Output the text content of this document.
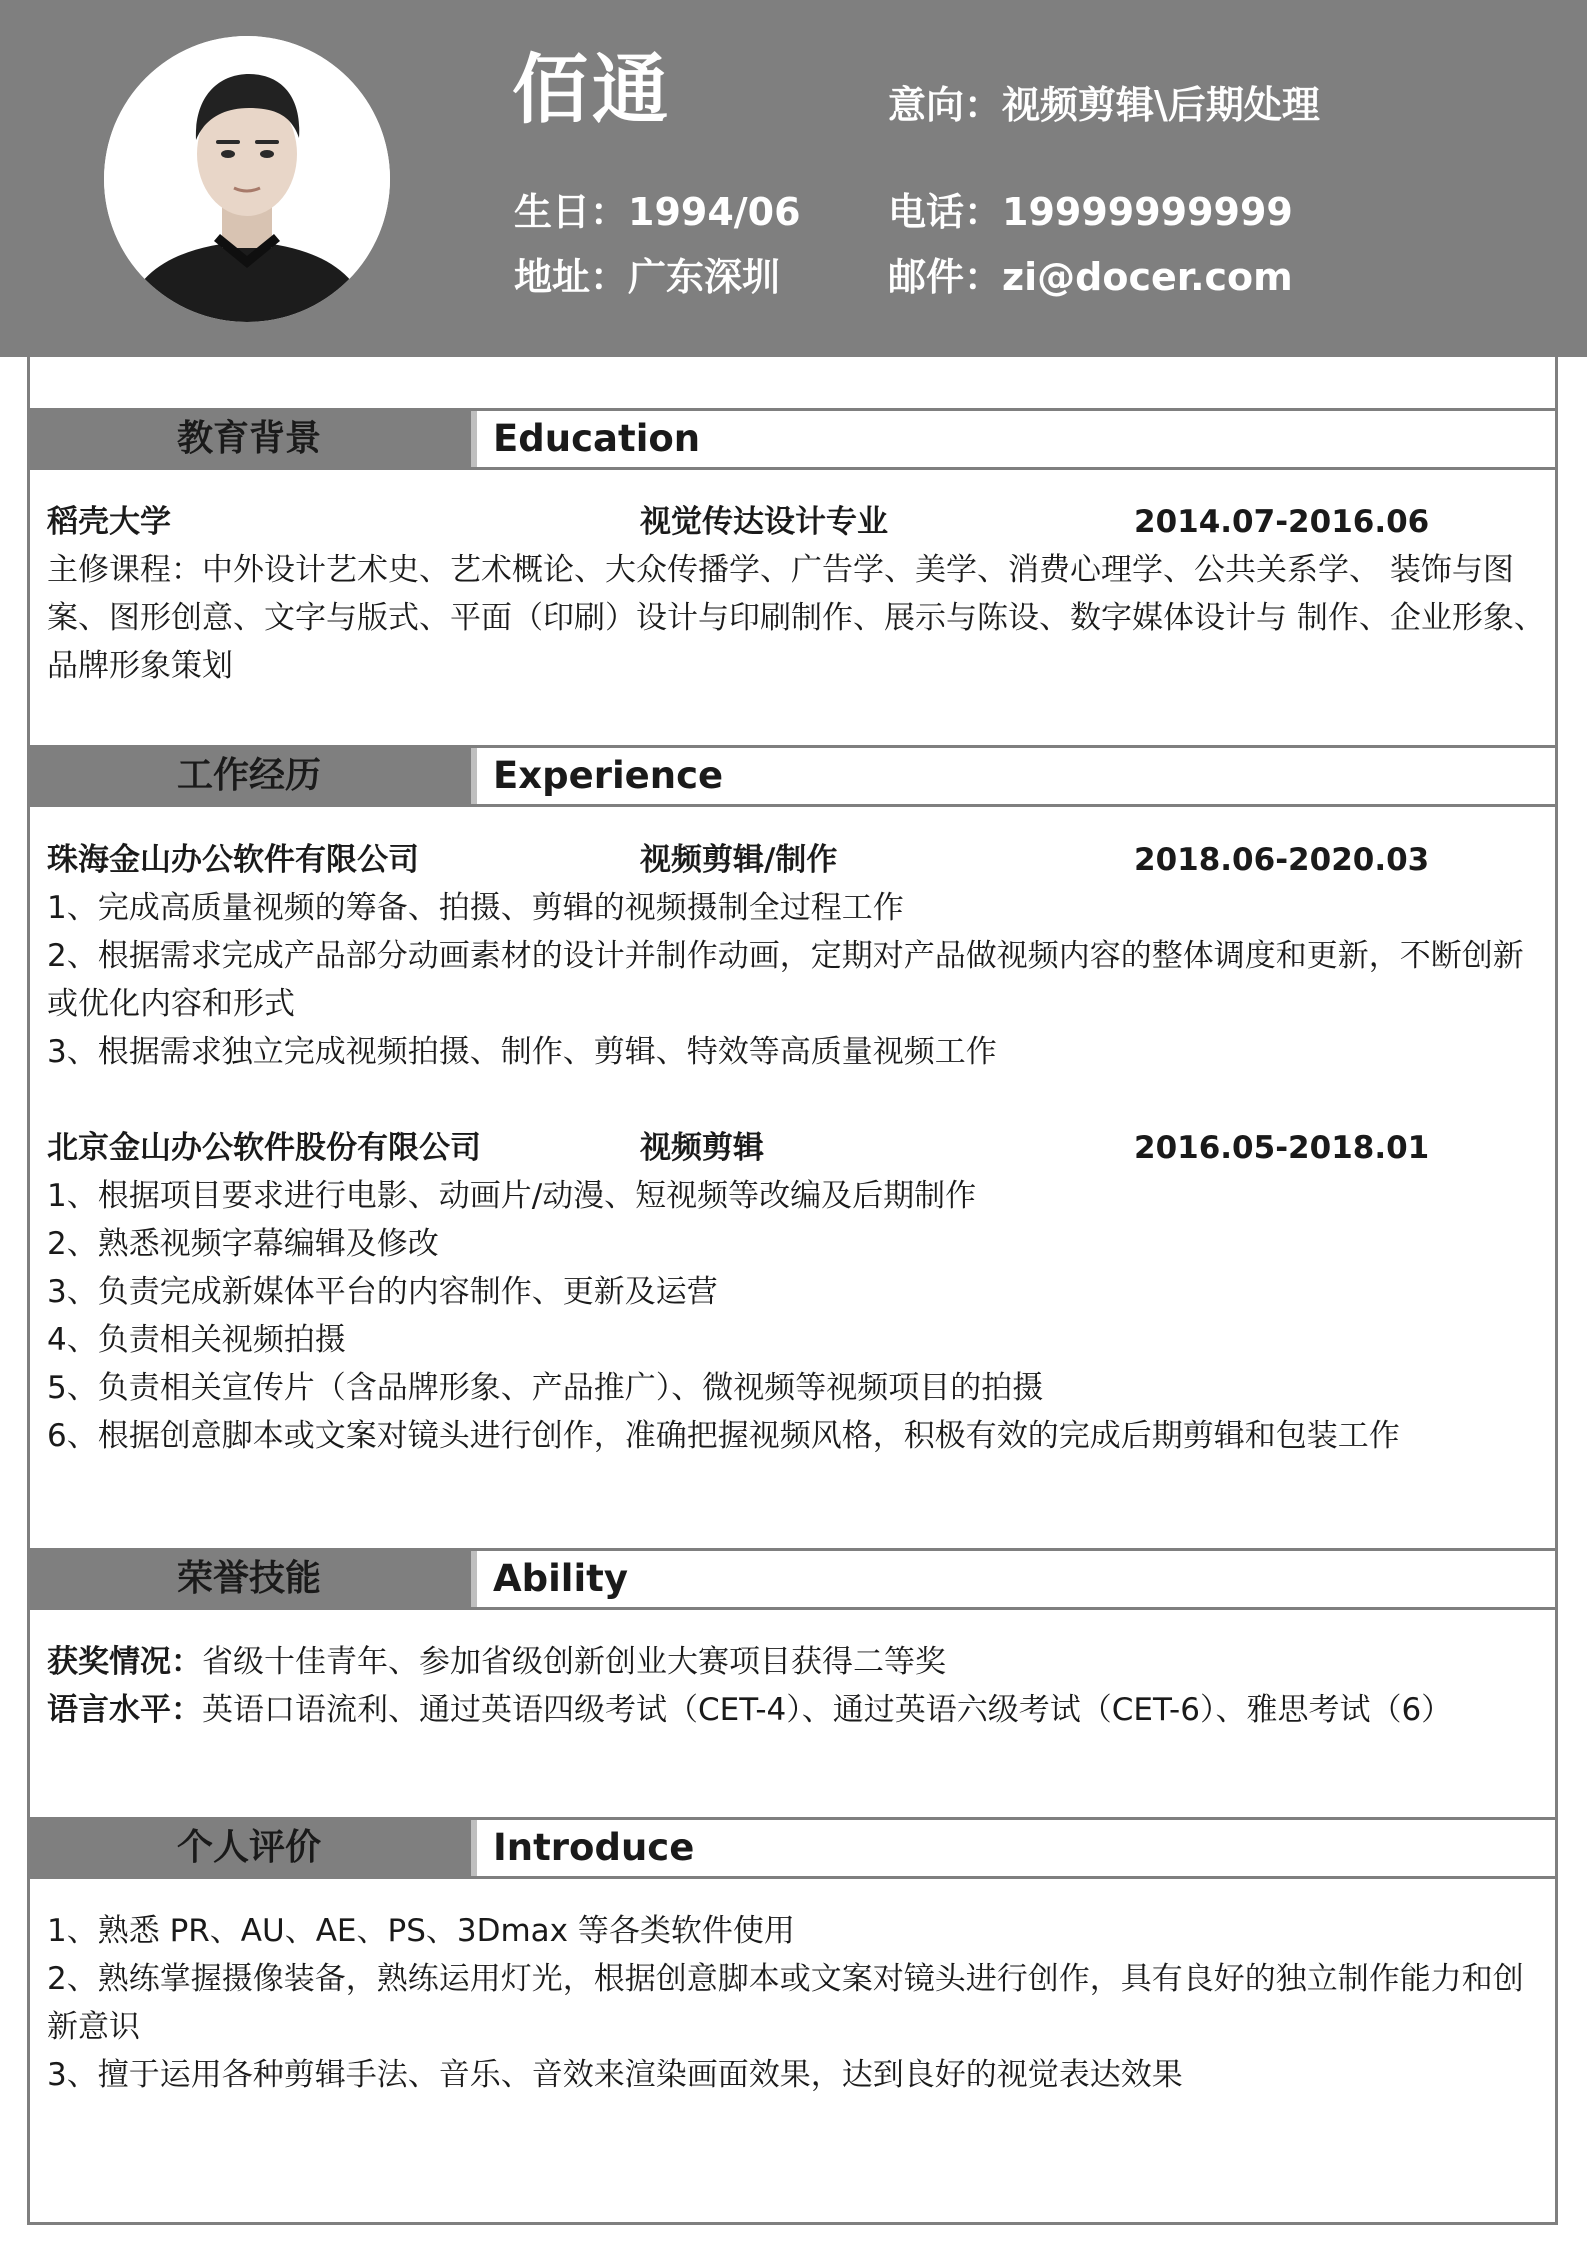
佰通	意向：视频剪辑\后期处理
生日：1994/06 电话：19999999999
地址：广东深圳	邮件：zi@docer.com
教育背景	Education
稻壳大学	视觉传达设计专业	2014.07-2016.06
主修课程：中外设计艺术史、艺术概论、大众传播学、广告学、美学、消费心理学、公共关系学、 装饰与图案、图形创意、文字与版式、平面（印刷）设计与印刷制作、展示与陈设、数字媒体设计与 制作、企业形象、品牌形象策划
工作经历	Experience
珠海金山办公软件有限公司	视频剪辑/制作	2018.06-2020.03
1、完成高质量视频的筹备、拍摄、剪辑的视频摄制全过程工作
2、根据需求完成产品部分动画素材的设计并制作动画，定期对产品做视频内容的整体调度和更新，不断创新或优化内容和形式
3、根据需求独立完成视频拍摄、制作、剪辑、特效等高质量视频工作
北京金山办公软件股份有限公司	视频剪辑	2016.05-2018.01
1、根据项目要求进行电影、动画片/动漫、短视频等改编及后期制作
2、熟悉视频字幕编辑及修改
3、负责完成新媒体平台的内容制作、更新及运营
4、负责相关视频拍摄
5、负责相关宣传片（含品牌形象、产品推广）、微视频等视频项目的拍摄
6、根据创意脚本或文案对镜头进行创作，准确把握视频风格，积极有效的完成后期剪辑和包装工作
荣誉技能	Ability
获奖情况：省级十佳青年、参加省级创新创业大赛项目获得二等奖
语言水平：英语口语流利、通过英语四级考试（CET-4）、通过英语六级考试（CET-6）、雅思考试（6）
个人评价	Introduce
1、熟悉 PR、AU、AE、PS、3Dmax 等各类软件使用
2、熟练掌握摄像装备，熟练运用灯光，根据创意脚本或文案对镜头进行创作，具有良好的独立制作能力和创新意识
3、擅于运用各种剪辑手法、音乐、音效来渲染画面效果，达到良好的视觉表达效果
